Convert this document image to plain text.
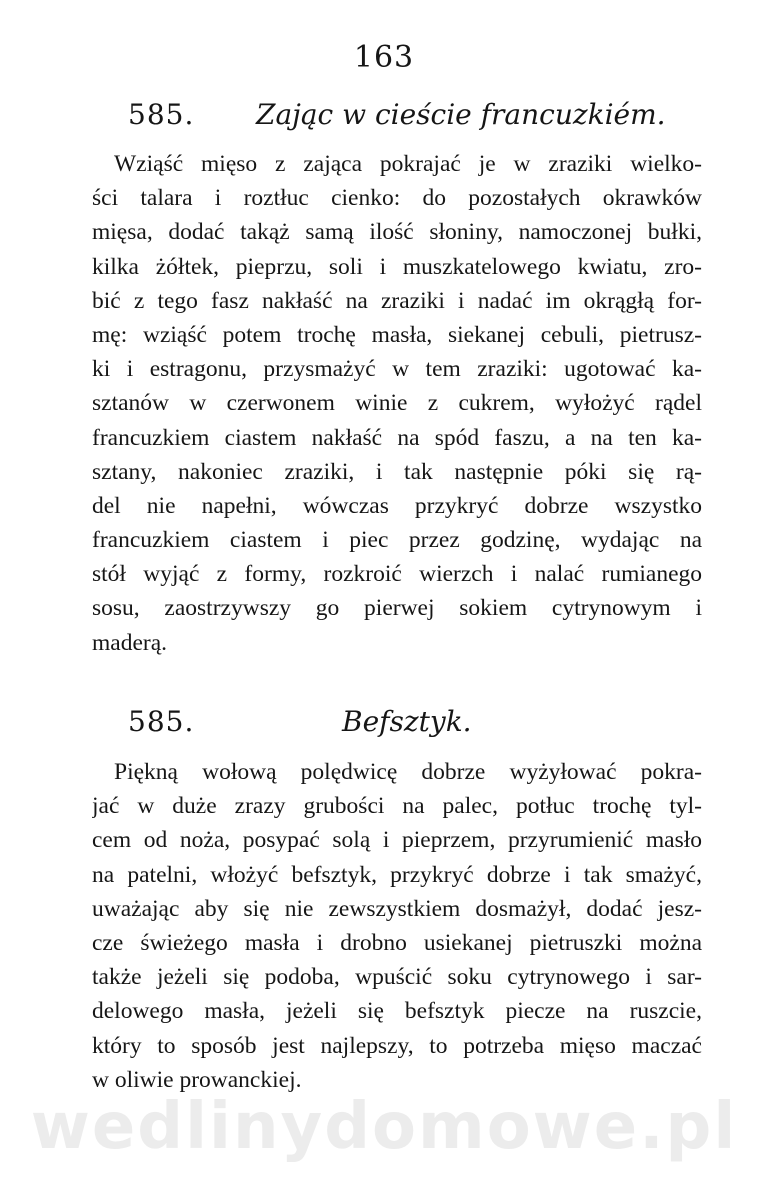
163
585. Zając w cieście francuzkiém.
Wziąść mięso z zająca pokrajać je w zraziki wielko-
ści talara i roztłuc cienko: do pozostałych okrawków
mięsa, dodać takąż samą ilość słoniny, namoczonej bułki,
kilka żółtek, pieprzu, soli i muszkatelowego kwiatu, zro-
bić z tego fasz nakłaść na zraziki i nadać im okrągłą for-
mę: wziąść potem trochę masła, siekanej cebuli, pietrusz-
ki i estragonu, przysmażyć w tem zraziki: ugotować ka-
sztanów w czerwonem winie z cukrem, wyłożyć rądel
francuzkiem ciastem nakłaść na spód faszu, a na ten ka-
sztany, nakoniec zraziki, i tak następnie póki się rą-
del nie napełni, wówczas przykryć dobrze wszystko
francuzkiem ciastem i piec przez godzinę, wydając na
stół wyjąć z formy, rozkroić wierzch i nalać rumianego
sosu, zaostrzywszy go pierwej sokiem cytrynowym i
maderą.
585.	Befsztyk.
Piękną wołową polędwicę dobrze wyżyłować pokra-
jać w duże zrazy grubości na palec, potłuc trochę tyl-
cem od noża, posypać solą i pieprzem, przyrumienić masło
na patelni, włożyć befsztyk, przykryć dobrze i tak smażyć,
uważając aby się nie zewszystkiem dosmażył, dodać jesz-
cze świeżego masła i drobno usiekanej pietruszki można
także jeżeli się podoba, wpuścić soku cytrynowego i sar-
delowego masła, jeżeli się befsztyk piecze na ruszcie,
który to sposób jest najlepszy, to potrzeba mięso maczać
w oliwie prowanckiej.
wedlinydomowe.pl
